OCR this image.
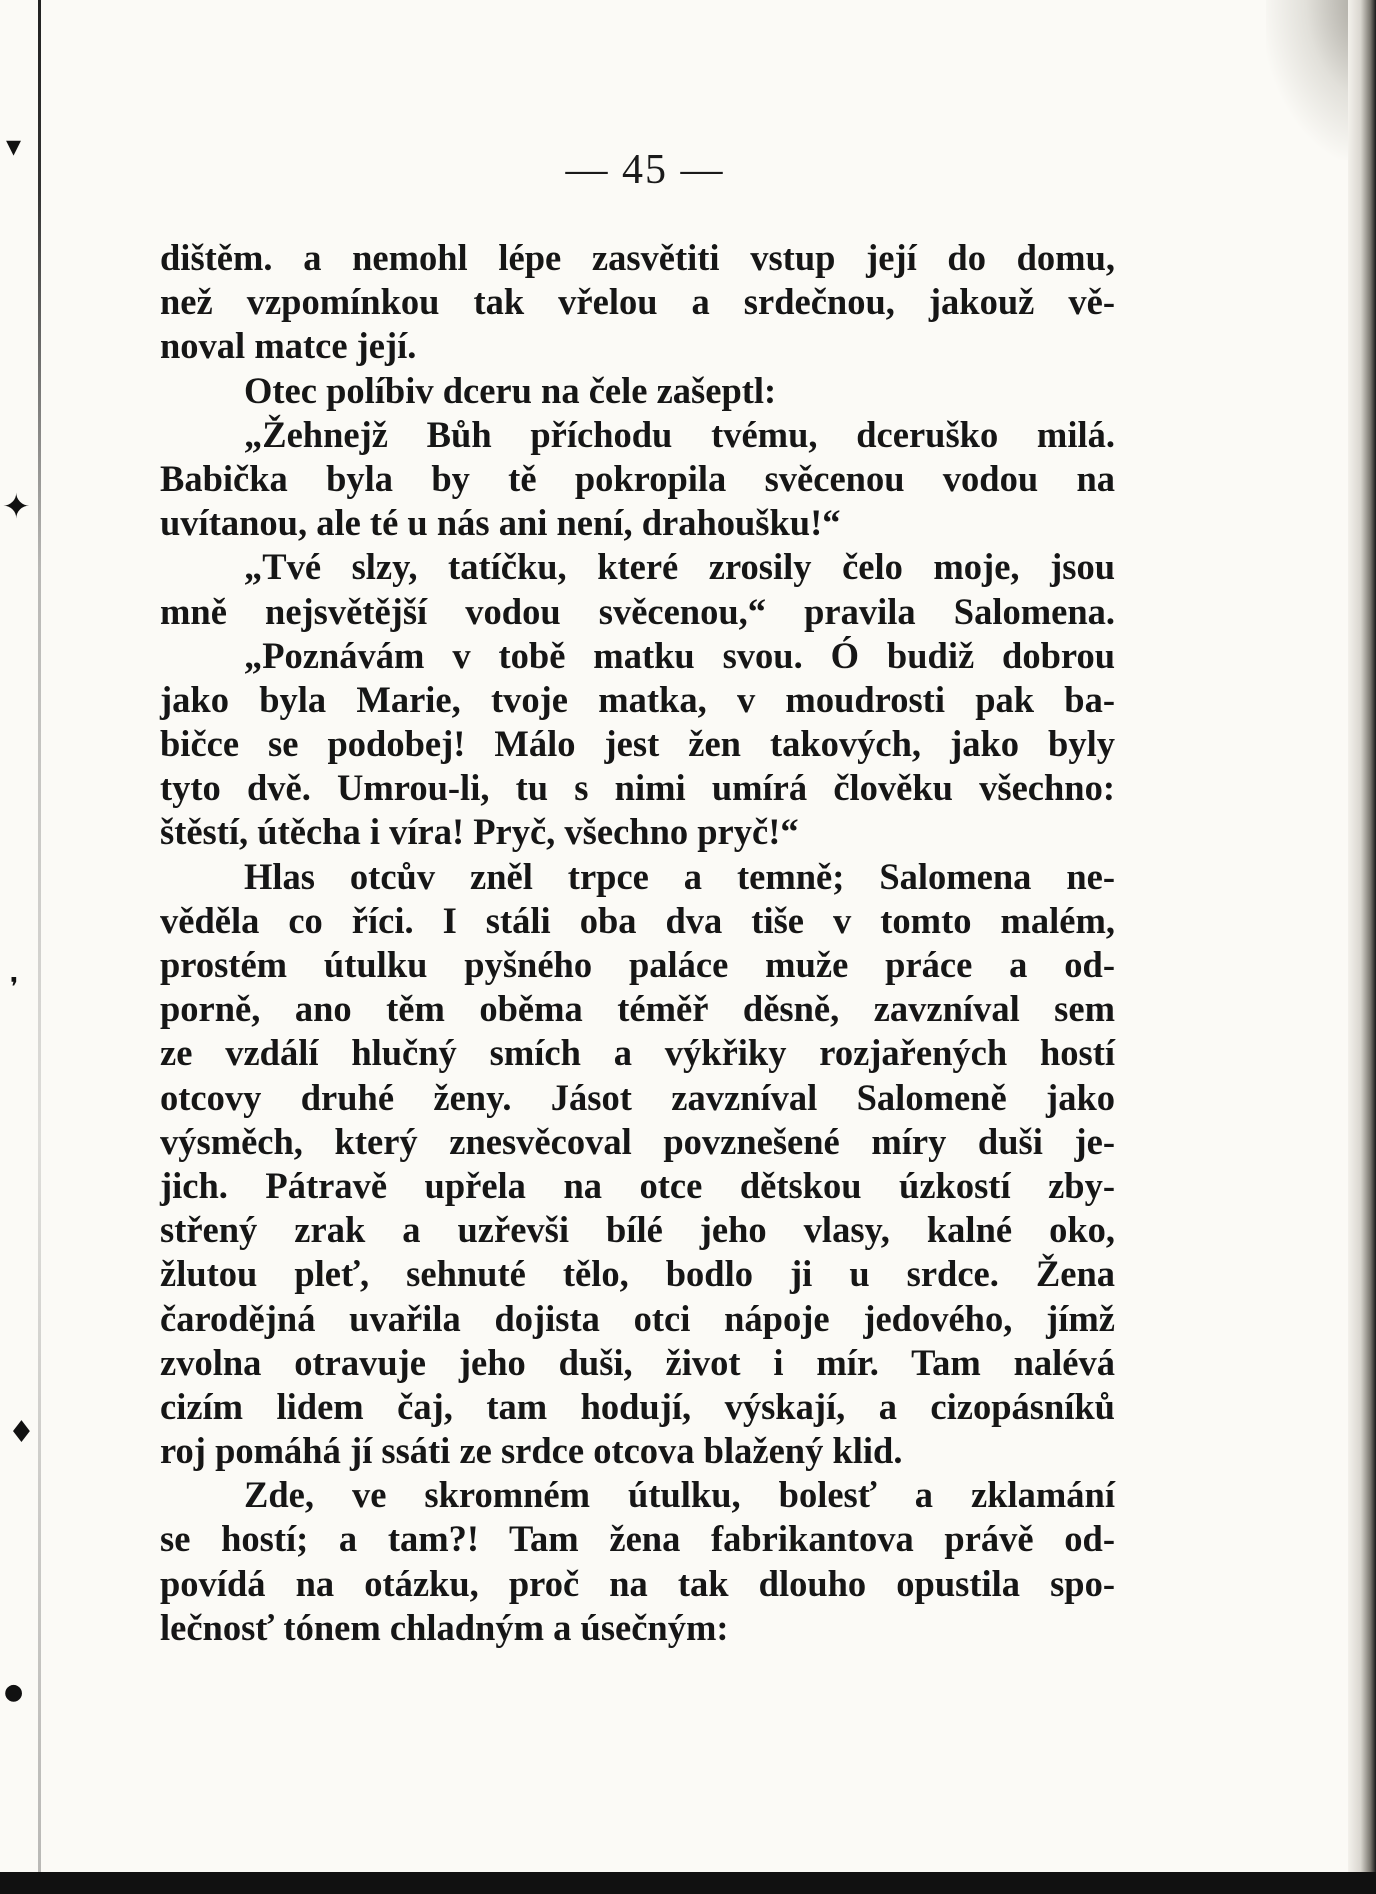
▾
✦
❜
♦
●
— 45 —
dištěm. a nemohl lépe zasvětiti vstup její do domu,
než vzpomínkou tak vřelou a srdečnou, jakouž vě-
noval matce její.
Otec políbiv dceru na čele zašeptl:
„Žehnejž Bůh příchodu tvému, dceruško milá.
Babička byla by tě pokropila svěcenou vodou na
uvítanou, ale té u nás ani není, drahoušku!“
„Tvé slzy, tatíčku, které zrosily čelo moje, jsou
mně nejsvětější vodou svěcenou,“ pravila Salomena.
„Poznávám v tobě matku svou. Ó budiž dobrou
jako byla Marie, tvoje matka, v moudrosti pak ba-
bičce se podobej! Málo jest žen takových, jako byly
tyto dvě. Umrou-li, tu s nimi umírá člověku všechno:
štěstí, útěcha i víra! Pryč, všechno pryč!“
Hlas otcův zněl trpce a temně; Salomena ne-
věděla co říci. I stáli oba dva tiše v tomto malém,
prostém útulku pyšného paláce muže práce a od-
porně, ano těm oběma téměř děsně, zavzníval sem
ze vzdálí hlučný smích a výkřiky rozjařených hostí
otcovy druhé ženy. Jásot zavzníval Salomeně jako
výsměch, který znesvěcoval povznešené míry duši je-
jich. Pátravě upřela na otce dětskou úzkostí zby-
střený zrak a uzřevši bílé jeho vlasy, kalné oko,
žlutou pleť, sehnuté tělo, bodlo ji u srdce. Žena
čarodějná uvařila dojista otci nápoje jedového, jímž
zvolna otravuje jeho duši, život i mír. Tam nalévá
cizím lidem čaj, tam hodují, výskají, a cizopásníků
roj pomáhá jí ssáti ze srdce otcova blažený klid.
Zde, ve skromném útulku, bolesť a zklamání
se hostí; a tam?! Tam žena fabrikantova právě od-
povídá na otázku, proč na tak dlouho opustila spo-
lečnosť tónem chladným a úsečným:
